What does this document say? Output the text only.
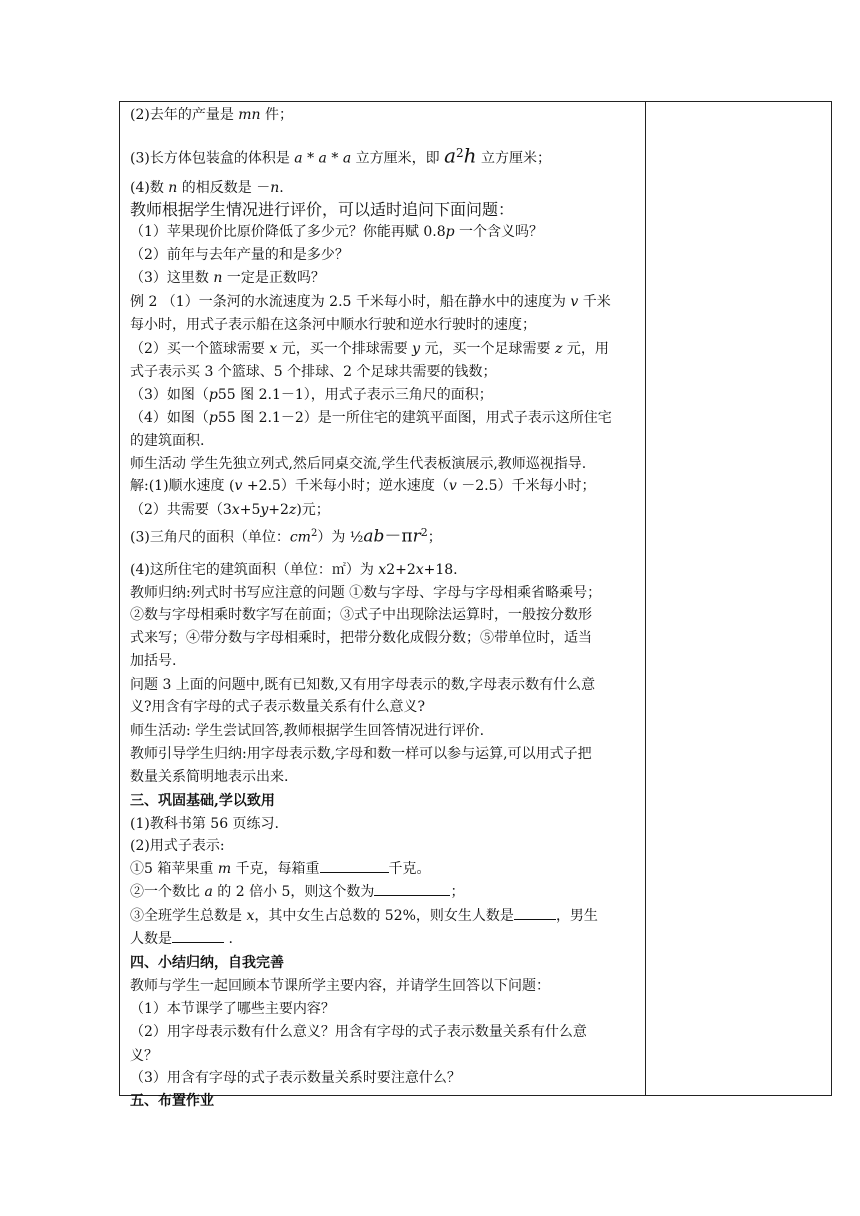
(2)去年的产量是 mn 件；
(3)长方体包装盒的体积是 a * a * a 立方厘米，即 $a^2h$ 立方厘米；
(4)数 n 的相反数是 －n.
教师根据学生情况进行评价，可以适时追问下面问题：
（1）苹果现价比原价降低了多少元？你能再赋 0.8p 一个含义吗？
（2）前年与去年产量的和是多少？
（3）这里数 n 一定是正数吗？
例 2 （1）一条河的水流速度为 2.5 千米每小时，船在静水中的速度为 v 千米
每小时，用式子表示船在这条河中顺水行驶和逆水行驶时的速度；
（2）买一个篮球需要 x 元，买一个排球需要 y 元，买一个足球需要 z 元，用
式子表示买 3 个篮球、5 个排球、2 个足球共需要的钱数；
（3）如图（p55 图 2.1－1），用式子表示三角尺的面积；
（4）如图（p55 图 2.1－2）是一所住宅的建筑平面图，用式子表示这所住宅
的建筑面积.
师生活动 学生先独立列式,然后同桌交流,学生代表板演展示,教师巡视指导.
解:(1)顺水速度 (v +2.5）千米每小时；逆水速度（v －2.5）千米每小时；
（2）共需要（3x+5y+2z)元；
(3)三角尺的面积（单位：$cm^2$）为 $\frac{1}{2}ab-\pi r^2$；
(4)这所住宅的建筑面积（单位：㎡）为 x2+2x+18.
教师归纳:列式时书写应注意的问题 ①数与字母、字母与字母相乘省略乘号；
②数与字母相乘时数字写在前面；③式子中出现除法运算时，一般按分数形
式来写；④带分数与字母相乘时，把带分数化成假分数；⑤带单位时，适当
加括号.
问题 3 上面的问题中,既有已知数,又有用字母表示的数,字母表示数有什么意
义?用含有字母的式子表示数量关系有什么意义?
师生活动: 学生尝试回答,教师根据学生回答情况进行评价.
教师引导学生归纳:用字母表示数,字母和数一样可以参与运算,可以用式子把
数量关系简明地表示出来.
三、巩固基础,学以致用
(1)教科书第 56 页练习.
(2)用式子表示:
①5 箱苹果重 m 千克，每箱重	千克。
②一个数比 a 的 2 倍小 5，则这个数为	；
③全班学生总数是 x，其中女生占总数的 52%，则女生人数是	，男生
人数是	.
四、小结归纳，自我完善
教师与学生一起回顾本节课所学主要内容，并请学生回答以下问题：
（1）本节课学了哪些主要内容？
（2）用字母表示数有什么意义？用含有字母的式子表示数量关系有什么意
义？
（3）用含有字母的式子表示数量关系时要注意什么？
五、布置作业
